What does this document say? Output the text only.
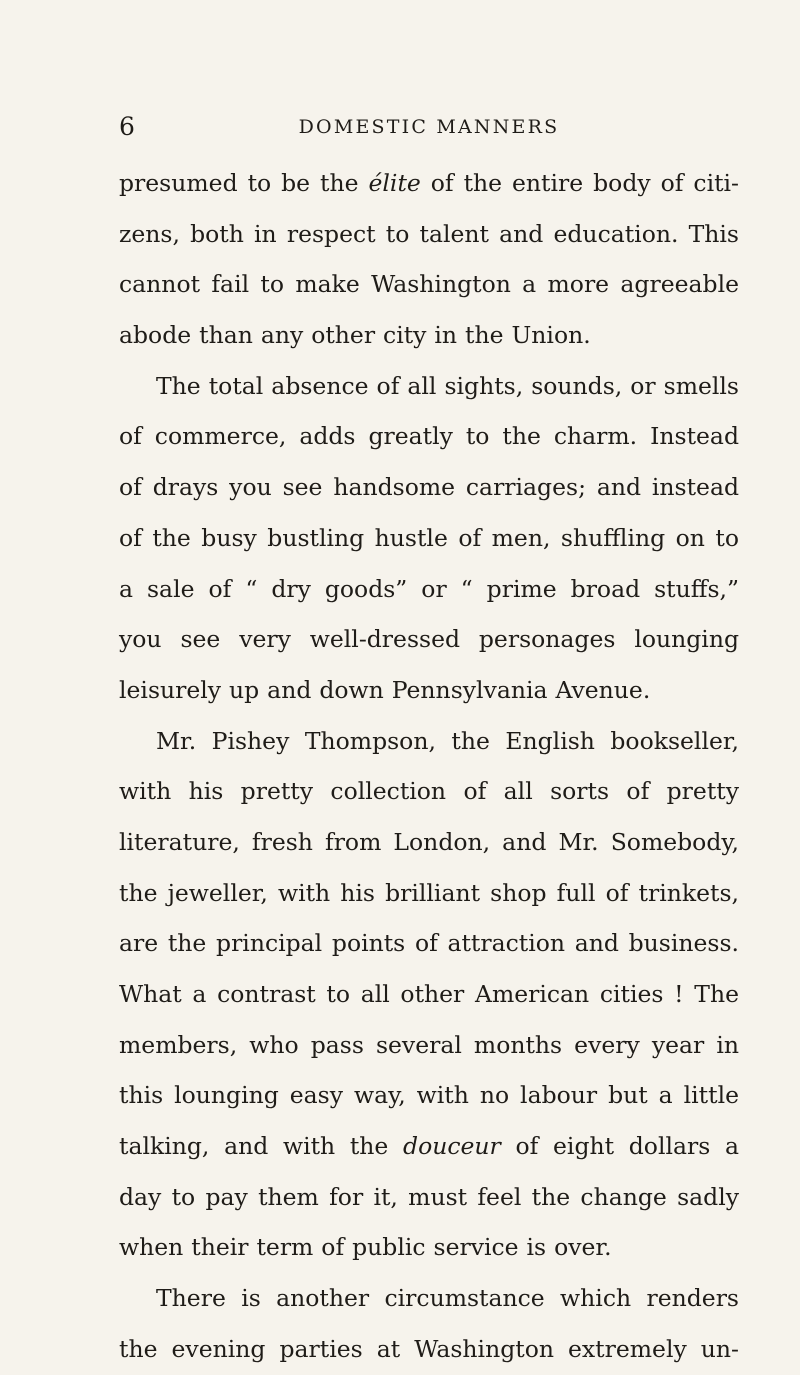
6	DOMESTIC MANNERS
presumed to be the élite of the entire body of citi-
zens, both in respect to talent and education. This
cannot fail to make Washington a more agreeable
abode than any other city in the Union.
The total absence of all sights, sounds, or smells
of commerce, adds greatly to the charm. Instead
of drays you see handsome carriages; and instead
of the busy bustling hustle of men, shuffling on to
a sale of “ dry goods” or “ prime broad stuffs,”
you see very well-dressed personages lounging
leisurely up and down Pennsylvania Avenue.
Mr. Pishey Thompson, the English bookseller,
with his pretty collection of all sorts of pretty
literature, fresh from London, and Mr. Somebody,
the jeweller, with his brilliant shop full of trinkets,
are the principal points of attraction and business.
What a contrast to all other American cities ! The
members, who pass several months every year in
this lounging easy way, with no labour but a little
talking, and with the douceur of eight dollars a
day to pay them for it, must feel the change sadly
when their term of public service is over.
There is another circumstance which renders
the evening parties at Washington extremely un-
